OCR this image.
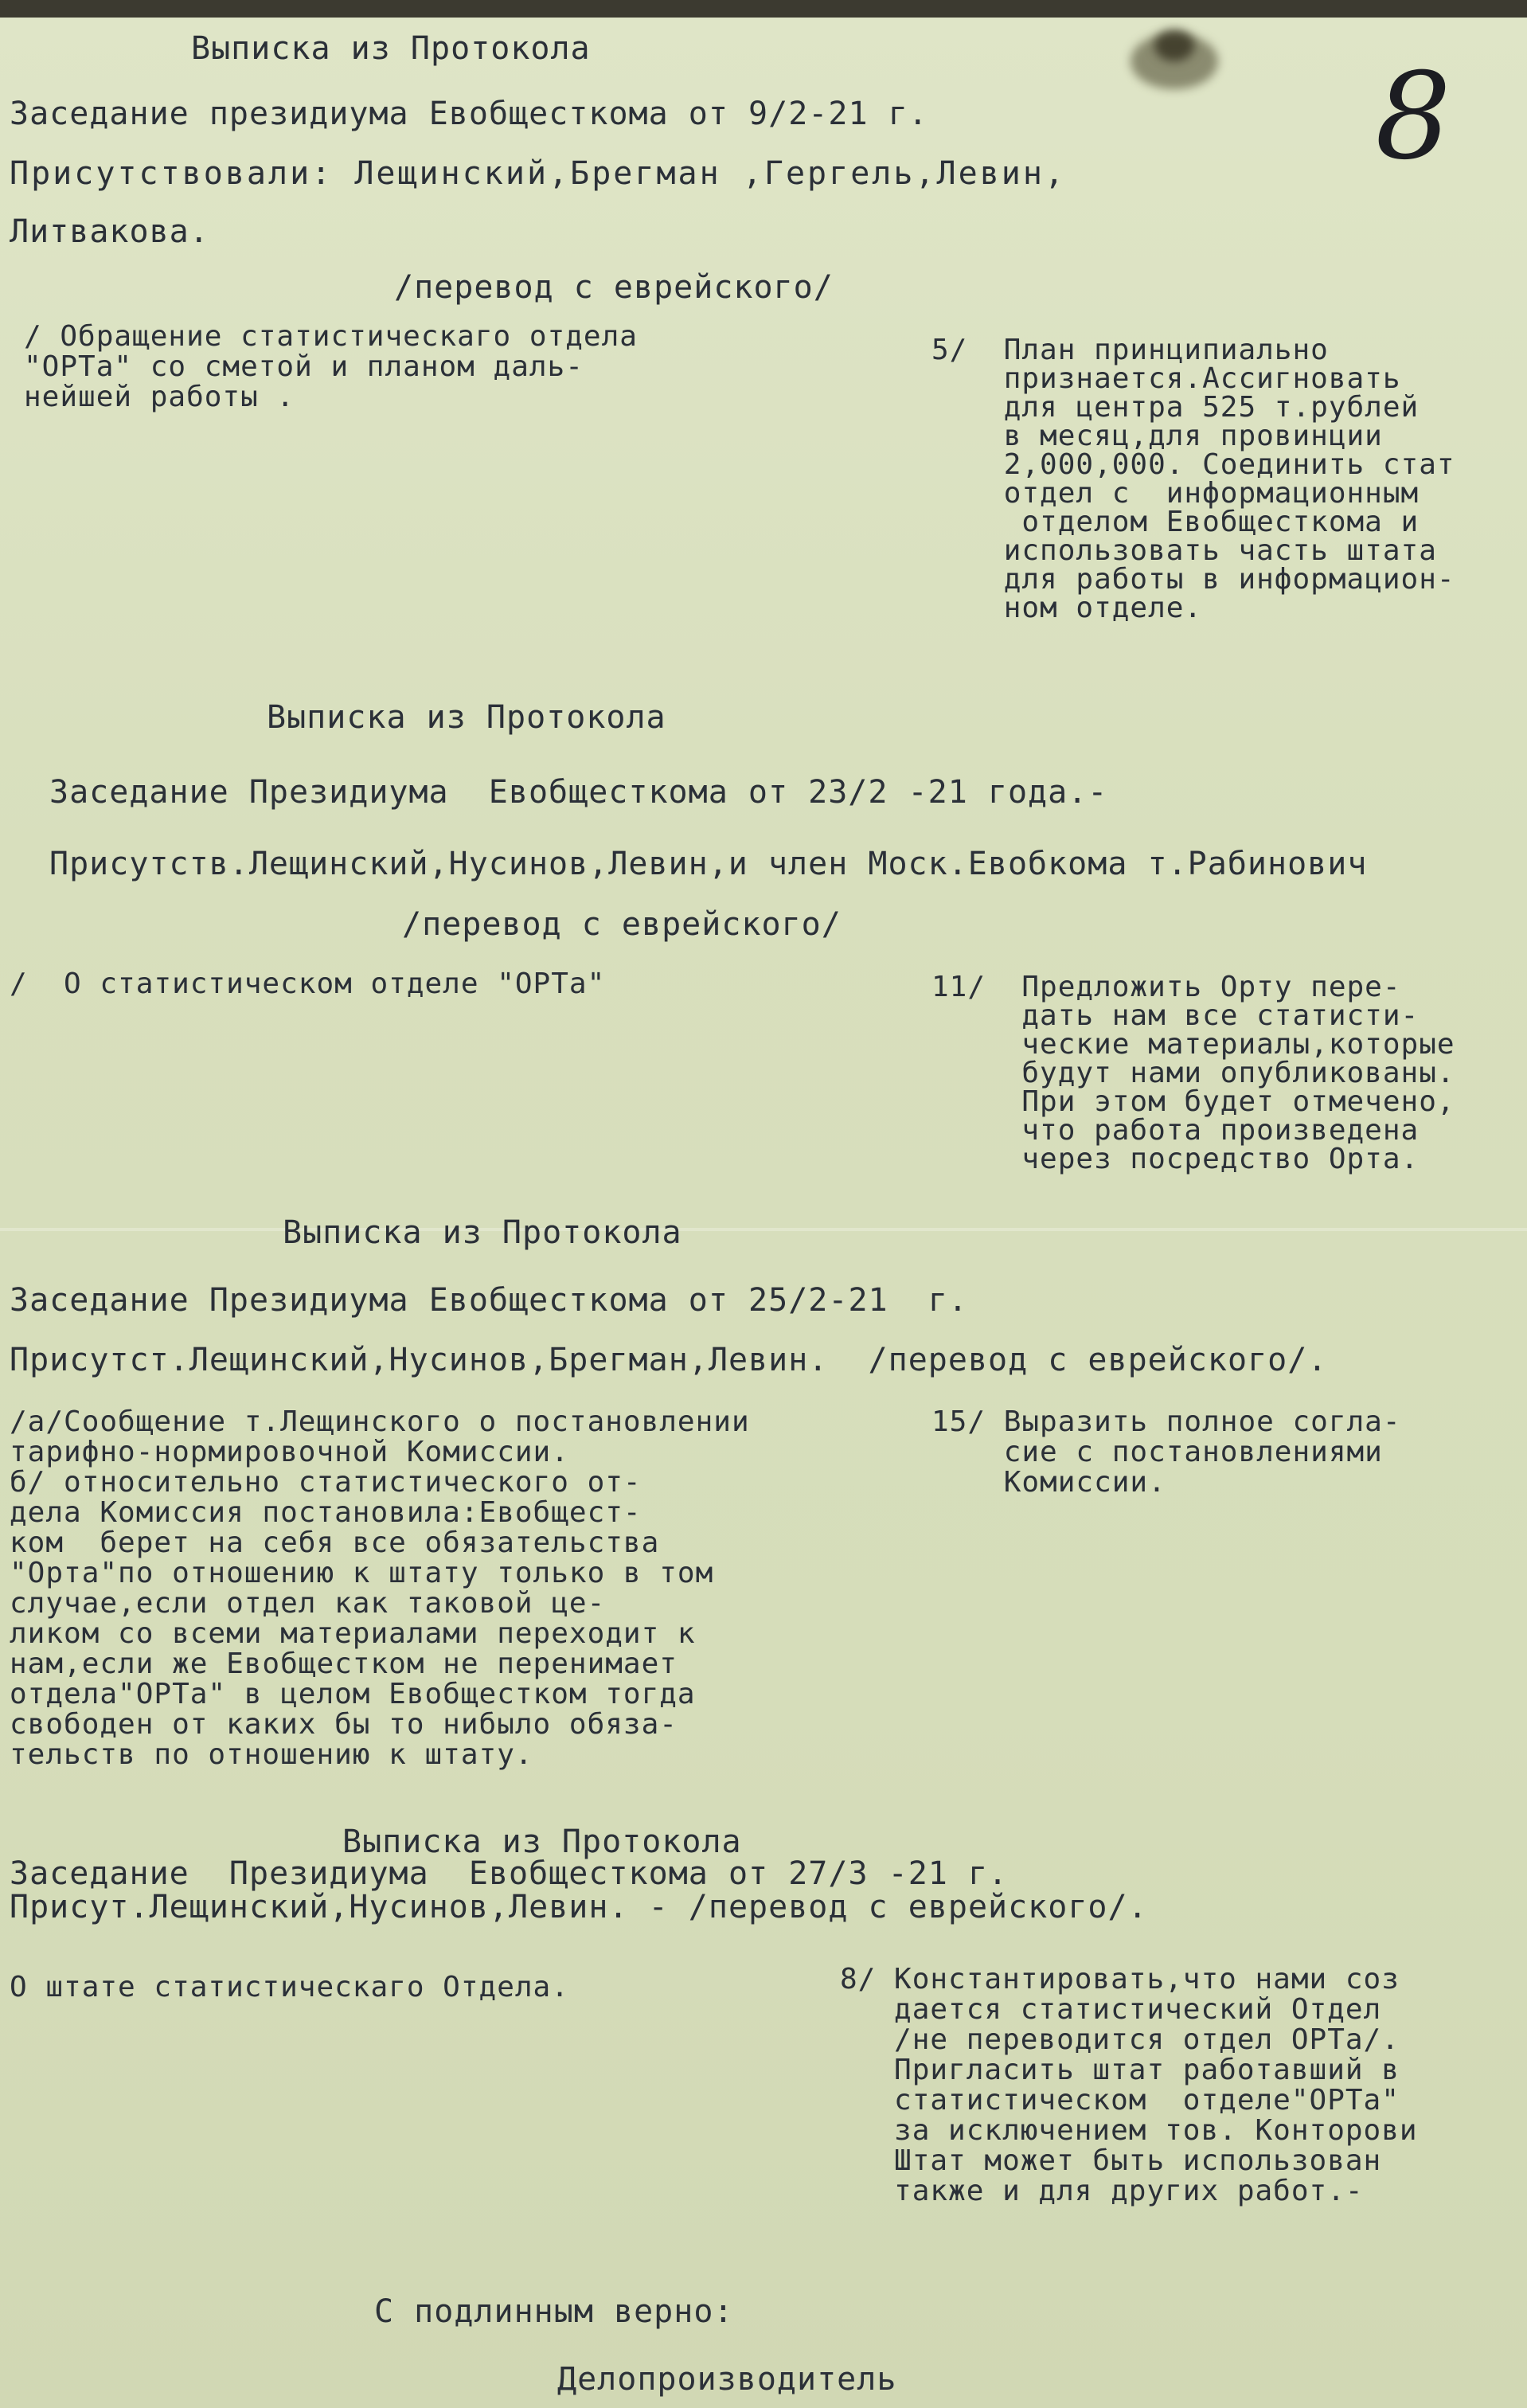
8
Выписка из Протокола
Заседание президиума Евобщесткома от 9/2-21 г.
Присутствовали: Лещинский,Брегман ,Гергель,Левин,
Литвакова.
/перевод с еврейского/
/ Обращение статистическаго отдела
"ОРТа" со сметой и планом даль-
нейшей работы .
5/  План принципиально
признается.Ассигновать
для центра 525 т.рублей
в месяц,для провинции
2,000,000. Соединить стат
отдел с  информационным
отделом Евобщесткома и
использовать часть штата
для работы в информацион-
ном отделе.
Выписка из Протокола
Заседание Президиума  Евобщесткома от 23/2 -21 года.-
Присутств.Лещинский,Нусинов,Левин,и член Моск.Евобкома т.Рабинович
/перевод с еврейского/
/  О статистическом отделе "ОРТа"	11/  Предложить Орту пере-
дать нам все статисти-
ческие материалы,которые
будут нами опубликованы.
При этом будет отмечено,
что работа произведена
через посредство Орта.
Выписка из Протокола
Заседание Президиума Евобщесткома от 25/2-21  г.
Присутст.Лещинский,Нусинов,Брегман,Левин.  /перевод с еврейского/.
/а/Сообщение т.Лещинского о постановлении
тарифно-нормировочной Комиссии.
б/ относительно статистического от-
дела Комиссия постановила:Евобщест-
ком  берет на себя все обязательства
"Орта"по отношению к штату только в том
случае,если отдел как таковой це-
ликом со всеми материалами переходит к
нам,если же Евобщестком не перенимает
отдела"ОРТа" в целом Евобщестком тогда
свободен от каких бы то нибыло обяза-
тельств по отношению к штату.
15/ Выразить полное согла-
сие с постановлениями
Комиссии.
Выписка из Протокола
Заседание  Президиума  Евобщесткома от 27/3 -21 г.
Присут.Лещинский,Нусинов,Левин. - /перевод с еврейского/.
О штате статистическаго Отдела.	8/ Константировать,что нами соз
дается статистический Отдел
/не переводится отдел ОРТа/.
Пригласить штат работавший в
статистическом  отделе"ОРТа"
за исключением тов. Конторови
Штат может быть использован
также и для других работ.-
С подлинным верно:
Делопроизводитель
